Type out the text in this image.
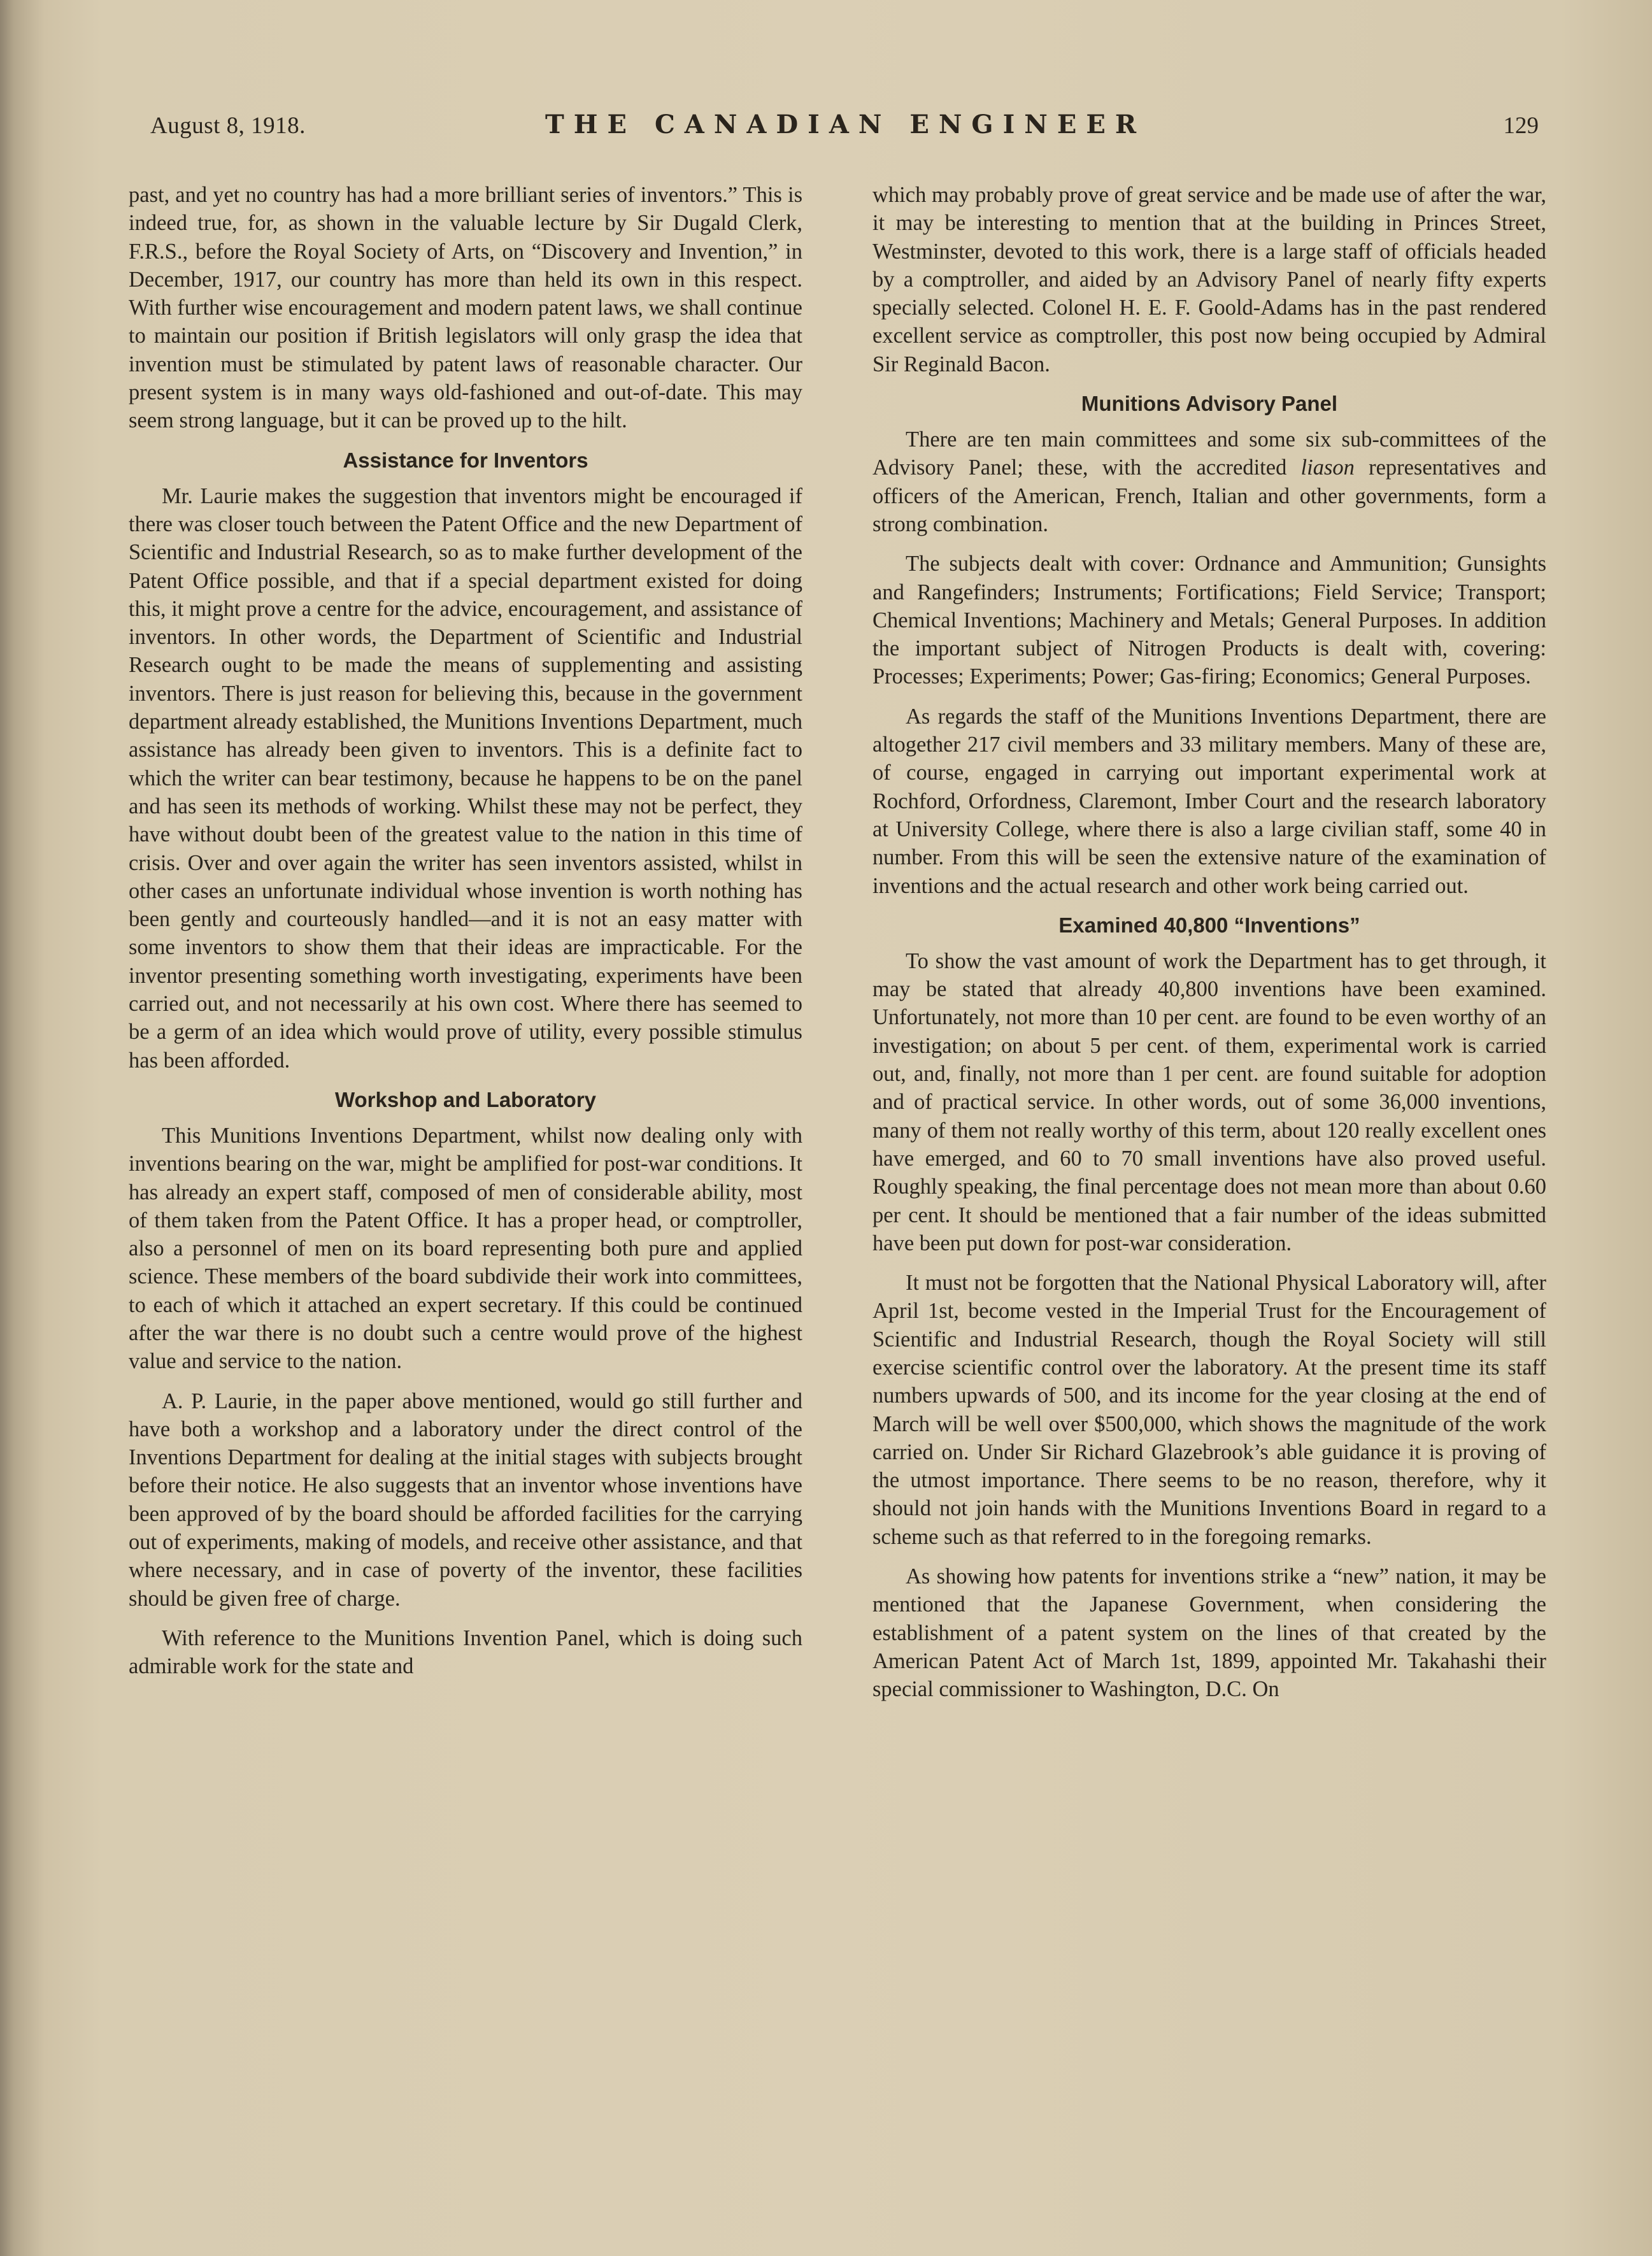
August 8, 1918.	THE CANADIAN ENGINEER	129

past, and yet no country has had a more brilliant series of inventors.” This is indeed true, for, as shown in the valuable lecture by Sir Dugald Clerk, F.R.S., before the Royal Society of Arts, on “Discovery and Invention,” in December, 1917, our country has more than held its own in this respect. With further wise encouragement and modern patent laws, we shall continue to maintain our position if British legislators will only grasp the idea that invention must be stimulated by patent laws of reasonable character. Our present system is in many ways old-fashioned and out-of-date. This may seem strong language, but it can be proved up to the hilt.

Assistance for Inventors

Mr. Laurie makes the suggestion that inventors might be encouraged if there was closer touch between the Patent Office and the new Department of Scientific and Industrial Research, so as to make further development of the Patent Office possible, and that if a special department existed for doing this, it might prove a centre for the advice, encouragement, and assistance of inventors. In other words, the Department of Scientific and Industrial Research ought to be made the means of supplementing and assisting inventors. There is just reason for believing this, because in the government department already established, the Munitions Inventions Department, much assistance has already been given to inventors. This is a definite fact to which the writer can bear testimony, because he happens to be on the panel and has seen its methods of working. Whilst these may not be perfect, they have without doubt been of the greatest value to the nation in this time of crisis. Over and over again the writer has seen inventors assisted, whilst in other cases an unfortunate individual whose invention is worth nothing has been gently and courteously handled—and it is not an easy matter with some inventors to show them that their ideas are impracticable. For the inventor presenting something worth investigating, experiments have been carried out, and not necessarily at his own cost. Where there has seemed to be a germ of an idea which would prove of utility, every possible stimulus has been afforded.

Workshop and Laboratory

This Munitions Inventions Department, whilst now dealing only with inventions bearing on the war, might be amplified for post-war conditions. It has already an expert staff, composed of men of considerable ability, most of them taken from the Patent Office. It has a proper head, or comptroller, also a personnel of men on its board representing both pure and applied science. These members of the board subdivide their work into committees, to each of which it attached an expert secretary. If this could be continued after the war there is no doubt such a centre would prove of the highest value and service to the nation.

A. P. Laurie, in the paper above mentioned, would go still further and have both a workshop and a laboratory under the direct control of the Inventions Department for dealing at the initial stages with subjects brought before their notice. He also suggests that an inventor whose inventions have been approved of by the board should be afforded facilities for the carrying out of experiments, making of models, and receive other assistance, and that where necessary, and in case of poverty of the inventor, these facilities should be given free of charge.

With reference to the Munitions Invention Panel, which is doing such admirable work for the state and

which may probably prove of great service and be made use of after the war, it may be interesting to mention that at the building in Princes Street, Westminster, devoted to this work, there is a large staff of officials headed by a comptroller, and aided by an Advisory Panel of nearly fifty experts specially selected. Colonel H. E. F. Goold-Adams has in the past rendered excellent service as comptroller, this post now being occupied by Admiral Sir Reginald Bacon.

Munitions Advisory Panel

There are ten main committees and some six sub-committees of the Advisory Panel; these, with the accredited liason representatives and officers of the American, French, Italian and other governments, form a strong combination.

The subjects dealt with cover: Ordnance and Ammunition; Gunsights and Rangefinders; Instruments; Fortifications; Field Service; Transport; Chemical Inventions; Machinery and Metals; General Purposes. In addition the important subject of Nitrogen Products is dealt with, covering: Processes; Experiments; Power; Gas-firing; Economics; General Purposes.

As regards the staff of the Munitions Inventions Department, there are altogether 217 civil members and 33 military members. Many of these are, of course, engaged in carrying out important experimental work at Rochford, Orfordness, Claremont, Imber Court and the research laboratory at University College, where there is also a large civilian staff, some 40 in number. From this will be seen the extensive nature of the examination of inventions and the actual research and other work being carried out.

Examined 40,800 “Inventions”

To show the vast amount of work the Department has to get through, it may be stated that already 40,800 inventions have been examined. Unfortunately, not more than 10 per cent. are found to be even worthy of an investigation; on about 5 per cent. of them, experimental work is carried out, and, finally, not more than 1 per cent. are found suitable for adoption and of practical service. In other words, out of some 36,000 inventions, many of them not really worthy of this term, about 120 really excellent ones have emerged, and 60 to 70 small inventions have also proved useful. Roughly speaking, the final percentage does not mean more than about 0.60 per cent. It should be mentioned that a fair number of the ideas submitted have been put down for post-war consideration.

It must not be forgotten that the National Physical Laboratory will, after April 1st, become vested in the Imperial Trust for the Encouragement of Scientific and Industrial Research, though the Royal Society will still exercise scientific control over the laboratory. At the present time its staff numbers upwards of 500, and its income for the year closing at the end of March will be well over $500,000, which shows the magnitude of the work carried on. Under Sir Richard Glazebrook’s able guidance it is proving of the utmost importance. There seems to be no reason, therefore, why it should not join hands with the Munitions Inventions Board in regard to a scheme such as that referred to in the foregoing remarks.

As showing how patents for inventions strike a “new” nation, it may be mentioned that the Japanese Government, when considering the establishment of a patent system on the lines of that created by the American Patent Act of March 1st, 1899, appointed Mr. Takahashi their special commissioner to Washington, D.C. On
